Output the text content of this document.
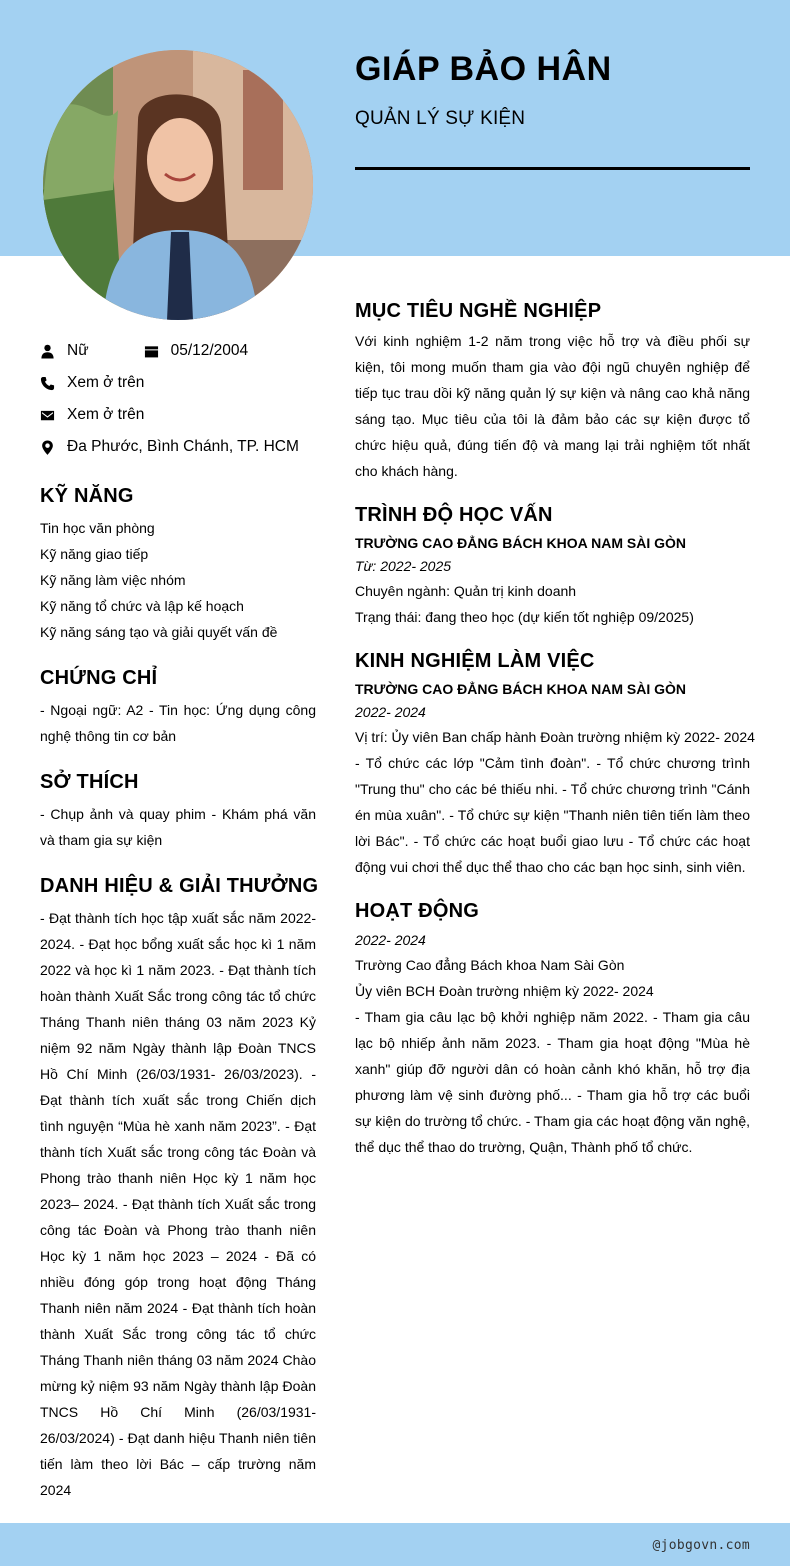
GIÁP BẢO HÂN
QUẢN LÝ SỰ KIỆN
Nữ	05/12/2004
Xem ở trên
Xem ở trên
Đa Phước, Bình Chánh, TP. HCM
KỸ NĂNG
Tin học văn phòng
Kỹ năng giao tiếp
Kỹ năng làm việc nhóm
Kỹ năng tổ chức và lập kế hoạch
Kỹ năng sáng tạo và giải quyết vấn đề
CHỨNG CHỈ

- Ngoại ngữ: A2 - Tin học: Ứng dụng công nghệ thông tin cơ bản

SỞ THÍCH

- Chụp ảnh và quay phim - Khám phá văn và tham gia sự kiện

DANH HIỆU & GIẢI THƯỞNG

- Đạt thành tích học tập xuất sắc năm 2022- 2024. - Đạt học bổng xuất sắc học kì 1 năm 2022 và học kì 1 năm 2023. - Đạt thành tích hoàn thành Xuất Sắc trong công tác tổ chức Tháng Thanh niên tháng 03 năm 2023 Kỷ niệm 92 năm Ngày thành lập Đoàn TNCS Hồ Chí Minh (26/03/1931- 26/03/2023). - Đạt thành tích xuất sắc trong Chiến dịch tình nguyện “Mùa hè xanh năm 2023”. - Đạt thành tích Xuất sắc trong công tác Đoàn và Phong trào thanh niên Học kỳ 1 năm học 2023– 2024. - Đạt thành tích Xuất sắc trong công tác Đoàn và Phong trào thanh niên Học kỳ 1 năm học 2023 – 2024 - Đã có nhiều đóng góp trong hoạt động Tháng Thanh niên năm 2024 - Đạt thành tích hoàn thành Xuất Sắc trong công tác tổ chức Tháng Thanh niên tháng 03 năm 2024 Chào mừng kỷ niệm 93 năm Ngày thành lập Đoàn TNCS Hồ Chí Minh (26/03/1931- 26/03/2024) - Đạt danh hiệu Thanh niên tiên tiến làm theo lời Bác – cấp trường năm 2024

MỤC TIÊU NGHỀ NGHIỆP

Với kinh nghiệm 1-2 năm trong việc hỗ trợ và điều phối sự kiện, tôi mong muốn tham gia vào đội ngũ chuyên nghiệp để tiếp tục trau dồi kỹ năng quản lý sự kiện và nâng cao khả năng sáng tạo. Mục tiêu của tôi là đảm bảo các sự kiện được tổ chức hiệu quả, đúng tiến độ và mang lại trải nghiệm tốt nhất cho khách hàng.

TRÌNH ĐỘ HỌC VẤN
TRƯỜNG CAO ĐẲNG BÁCH KHOA NAM SÀI GÒN
Từ: 2022- 2025
Chuyên ngành: Quản trị kinh doanh
Trạng thái: đang theo học (dự kiến tốt nghiệp 09/2025)
KINH NGHIỆM LÀM VIỆC
TRƯỜNG CAO ĐẲNG BÁCH KHOA NAM SÀI GÒN
2022- 2024
Vị trí: Ủy viên Ban chấp hành Đoàn trường nhiệm kỳ 2022- 2024

- Tổ chức các lớp "Cảm tình đoàn". - Tổ chức chương trình "Trung thu" cho các bé thiếu nhi. - Tổ chức chương trình "Cánh én mùa xuân". - Tổ chức sự kiện "Thanh niên tiên tiến làm theo lời Bác". - Tổ chức các hoạt buổi giao lưu - Tổ chức các hoạt động vui chơi thể dục thể thao cho các bạn học sinh, sinh viên.

HOẠT ĐỘNG
2022- 2024
Trường Cao đẳng Bách khoa Nam Sài Gòn
Ủy viên BCH Đoàn trường nhiệm kỳ 2022- 2024

- Tham gia câu lạc bộ khởi nghiệp năm 2022. - Tham gia câu lạc bộ nhiếp ảnh năm 2023. - Tham gia hoạt động "Mùa hè xanh" giúp đỡ người dân có hoàn cảnh khó khăn, hỗ trợ địa phương làm vệ sinh đường phố... - Tham gia hỗ trợ các buổi sự kiện do trường tổ chức. - Tham gia các hoạt động văn nghệ, thể dục thể thao do trường, Quận, Thành phố tổ chức.

@jobgovn.com
